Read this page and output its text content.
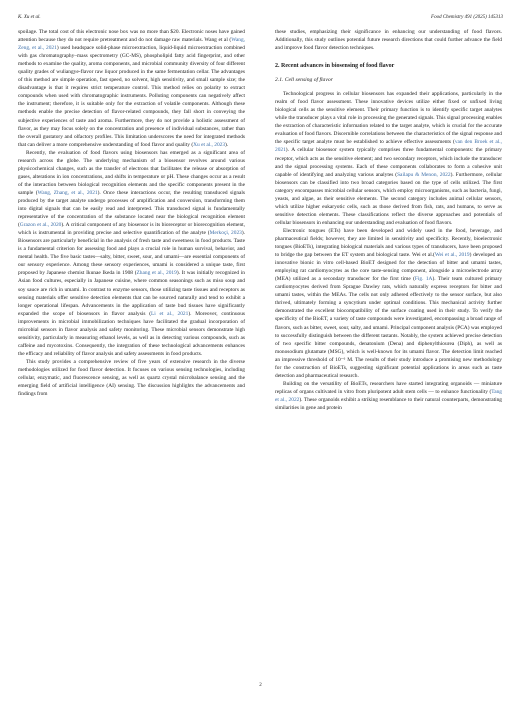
K. Xu et al.	Food Chemistry 491 (2025) 145313

spoilage. The total cost of this electronic nose box was no more than $20. Electronic noses have gained attention because they do not require pretreatment and do not damage raw materials. Wang et al (Wang, Zeng, et al., 2021) used headspace solid-phase microextraction, liquid-liquid microextraction combined with gas chromatography–mass spectrometry (GC-MS), phospholipid fatty acid fingerprint, and other methods to examine the quality, aroma components, and microbial community diversity of four different quality grades of wuliangye-flavor raw liquor produced in the same fermentation cellar. The advantages of this method are simple operation, fast speed, no solvent, high sensitivity, and small sample size; the disadvantage is that it requires strict temperature control. This method relies on polarity to extract compounds when used with chromatographic instruments. Polluting components can negatively affect the instrument; therefore, it is suitable only for the extraction of volatile components. Although these methods enable the precise detection of flavor-related compounds, they fall short in conveying the subjective experiences of taste and aroma. Furthermore, they do not provide a holistic assessment of flavor, as they may focus solely on the concentration and presence of individual substances, rather than the overall gustatory and olfactory profiles. This limitation underscores the need for integrated methods that can deliver a more comprehensive understanding of food flavor and quality (Xu et al., 2023).

Recently, the evaluation of food flavors using biosensors has emerged as a significant area of research across the globe. The underlying mechanism of a biosensor revolves around various physicochemical changes, such as the transfer of electrons that facilitates the release or absorption of gases, alterations in ion concentrations, and shifts in temperature or pH. These changes occur as a result of the interaction between biological recognition elements and the specific components present in the sample (Wang, Zhang, et al., 2021). Once these interactions occur, the resulting transduced signals produced by the target analyte undergo processes of amplification and conversion, transforming them into digital signals that can be easily read and interpreted. This transduced signal is fundamentally representative of the concentration of the substance located near the biological recognition element (Grazon et al., 2020). A critical component of any biosensor is its bioreceptor or biorecognition element, which is instrumental in providing precise and selective quantification of the analyte (Merkoçi, 2023). Biosensors are particularly beneficial in the analysis of fresh taste and sweetness in food products. Taste is a fundamental criterion for assessing food and plays a crucial role in human survival, behavior, and mental health. The five basic tastes—salty, bitter, sweet, sour, and umami—are essential components of our sensory experience. Among these sensory experiences, umami is considered a unique taste, first proposed by Japanese chemist Ikunae Ikeda in 1908 (Zhang et al., 2019). It was initially recognized in Asian food cultures, especially in Japanese cuisine, where common seasonings such as miso soup and soy sauce are rich in umami. In contrast to enzyme sensors, those utilizing taste tissues and receptors as sensing materials offer sensitive detection elements that can be sourced naturally and tend to exhibit a longer operational lifespan. Advancements in the application of taste bud tissues have significantly expanded the scope of biosensors in flavor analysis (Li et al., 2021). Moreover, continuous improvements in microbial immobilization techniques have facilitated the gradual incorporation of microbial sensors in flavor analysis and safety monitoring. These microbial sensors demonstrate high sensitivity, particularly in measuring ethanol levels, as well as in detecting various compounds, such as caffeine and mycotoxins. Consequently, the integration of these technological advancements enhances the efficacy and reliability of flavor analysis and safety assessments in food products.

This study provides a comprehensive review of five years of extensive research in the diverse methodologies utilized for food flavor detection. It focuses on various sensing technologies, including cellular, enzymatic, and fluorescence sensing, as well as quartz crystal microbalance sensing and the emerging field of artificial intelligence (AI) sensing. The discussion highlights the advancements and findings from

these studies, emphasizing their significance in enhancing our understanding of food flavors. Additionally, this study outlines potential future research directions that could further advance the field and improve food flavor detection techniques.

2. Recent advances in biosensing of food flavor
2.1. Cell sensing of flavor

Technological progress in cellular biosensors has expanded their applications, particularly in the realm of food flavor assessment. These innovative devices utilize either fixed or unfixed living biological cells as the sensitive element. Their primary function is to identify specific target analytes while the transducer plays a vital role in processing the generated signals. This signal processing enables the extraction of characteristic information related to the target analyte, which is crucial for the accurate evaluation of food flavors. Discernible correlations between the characteristics of the signal response and the specific target analyte must be established to achieve effective assessments (van den Broek et al., 2021). A cellular biosensor system typically comprises three fundamental components: the primary receptor, which acts as the sensitive element; and two secondary receptors, which include the transducer and the signal processing systems. Each of these components collaborates to form a cohesive unit capable of identifying and analyzing various analytes (Sailapu & Menon, 2022). Furthermore, cellular biosensors can be classified into two broad categories based on the type of cells utilized. The first category encompasses microbial cellular sensors, which employ microorganisms, such as bacteria, fungi, yeasts, and algae, as their sensitive elements. The second category includes animal cellular sensors, which utilize higher eukaryotic cells, such as those derived from fish, rats, and humans, to serve as sensitive detection elements. These classifications reflect the diverse approaches and potentials of cellular biosensors in enhancing our understanding and evaluation of food flavors.

Electronic tongues (ETs) have been developed and widely used in the food, beverage, and pharmaceutical fields; however, they are limited in sensitivity and specificity. Recently, bioelectronic tongues (BioETs), integrating biological materials and various types of transducers, have been proposed to bridge the gap between the ET system and biological taste. Wei et al.(Wei et al., 2019) developed an innovative bionic in vitro cell-based BioET designed for the detection of bitter and umami tastes, employing rat cardiomyocytes as the core taste-sensing component, alongside a microelectrode array (MEA) utilized as a secondary transducer for the first time (Fig. 1A). Their team cultured primary cardiomyocytes derived from Sprague Dawley rats, which naturally express receptors for bitter and umami tastes, within the MEAs. The cells not only adhered effectively to the sensor surface, but also thrived, ultimately forming a syncytium under optimal conditions. This mechanical activity further demonstrated the excellent biocompatibility of the surface coating used in their study. To verify the specificity of the BioET, a variety of taste compounds were investigated, encompassing a broad range of flavors, such as bitter, sweet, sour, salty, and umami. Principal component analysis (PCA) was employed to successfully distinguish between the different tastants. Notably, the system achieved precise detection of two specific bitter compounds, denatonium (Dena) and diphenylthiourea (Diph), as well as monosodium glutamate (MSG), which is well-known for its umami flavor. The detection limit reached an impressive threshold of 10⁻⁶ M. The results of their study introduce a promising new methodology for the construction of BioETs, suggesting significant potential applications in areas such as taste detection and pharmaceutical research.

Building on the versatility of BioETs, researchers have started integrating organoids — miniature replicas of organs cultivated in vitro from pluripotent adult stem cells — to enhance functionality (Tang et al., 2022). These organoids exhibit a striking resemblance to their natural counterparts, demonstrating similarities in gene and protein

2
